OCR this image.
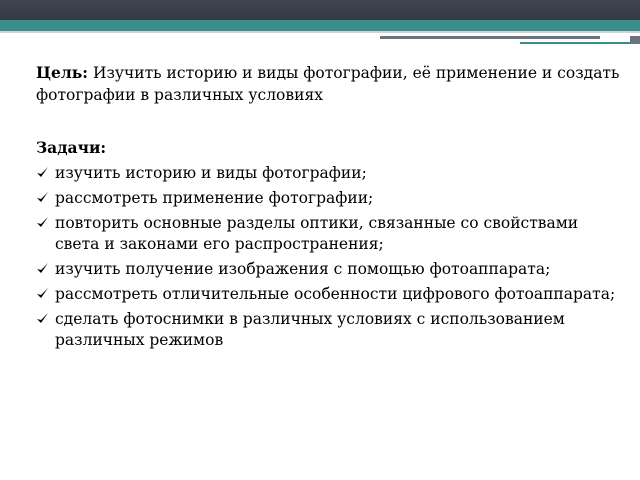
Цель: Изучить историю и виды фотографии, её применение и создать фотографии в различных условиях
Задачи:
изучить историю и виды фотографии;
рассмотреть применение фотографии;
повторить основные разделы оптики, связанные со свойствами света и законами его распространения;
изучить получение изображения с помощью фотоаппарата;
рассмотреть отличительные особенности цифрового фотоаппарата;
сделать фотоснимки в различных условиях с использованием различных режимов
